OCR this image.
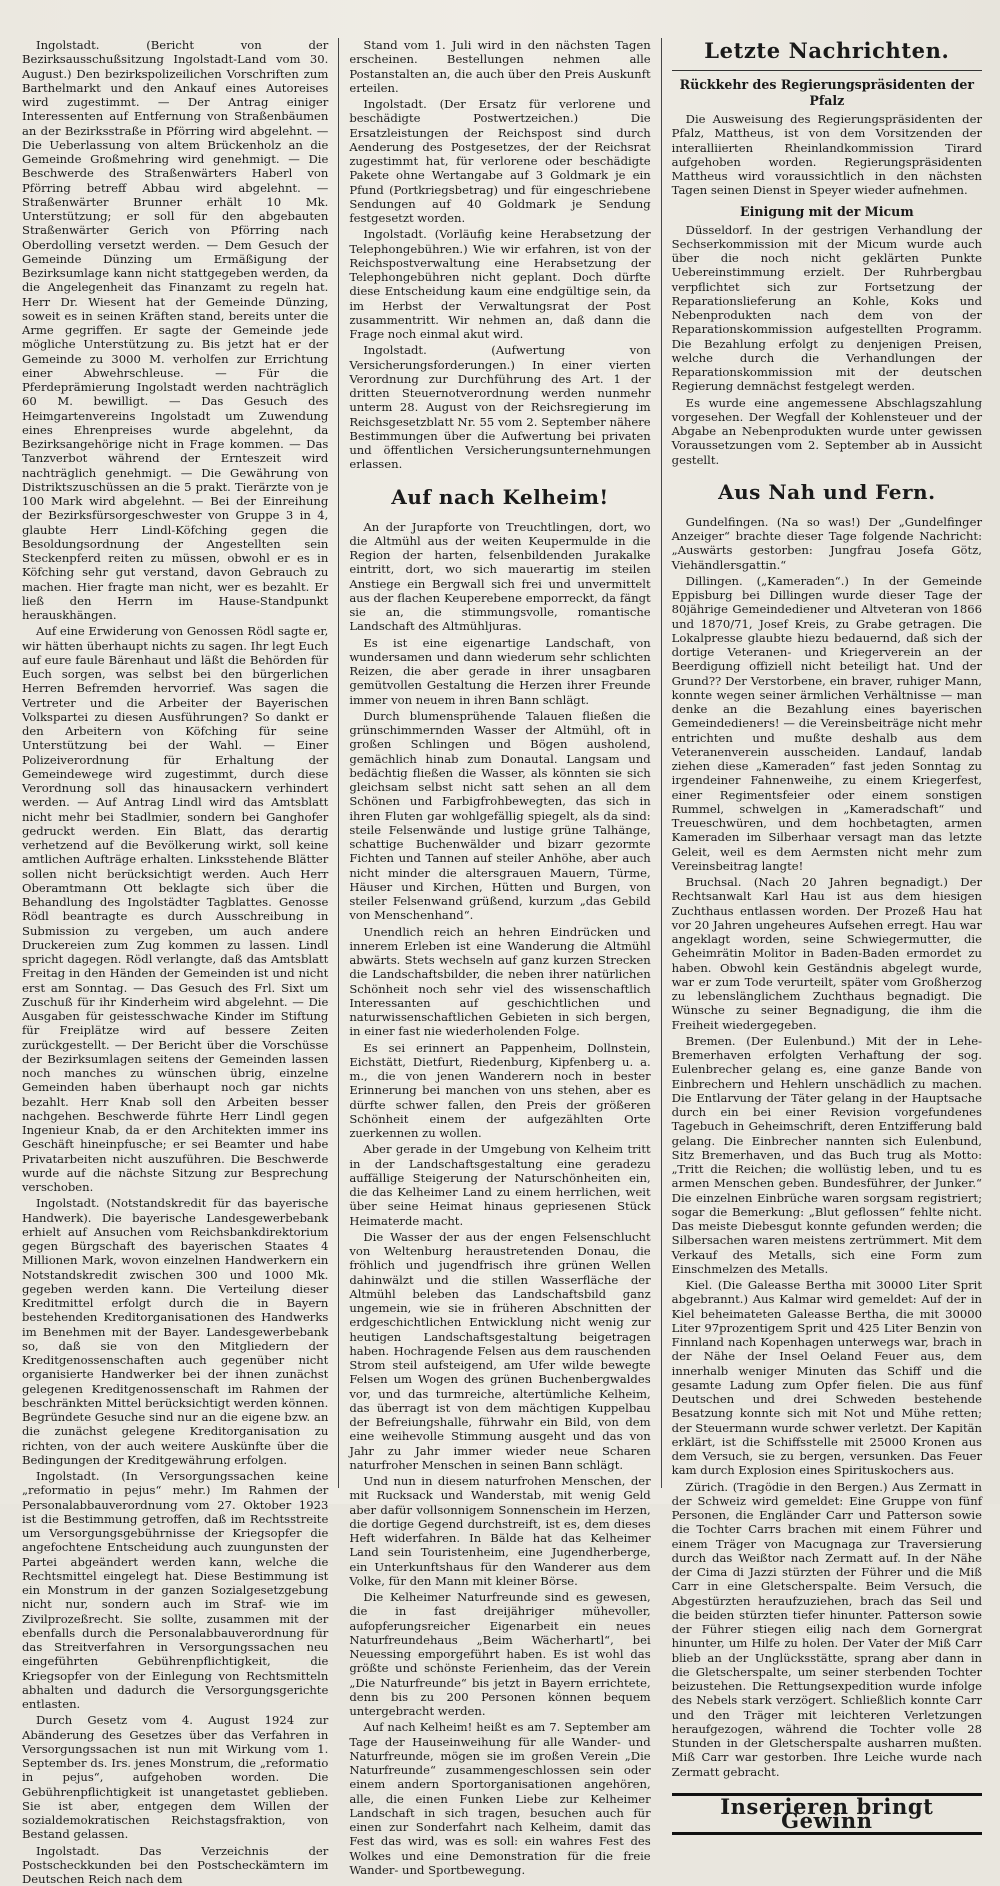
Ingolstadt. (Bericht von der Bezirksausschußsitzung Ingolstadt-Land vom 30. August.) Den bezirkspolizeilichen Vorschriften zum Barthelmarkt und den Ankauf eines Autoreises wird zugestimmt. — Der Antrag einiger Interessenten auf Entfernung von Straßenbäumen an der Bezirksstraße in Pförring wird abgelehnt. — Die Ueberlassung von altem Brückenholz an die Gemeinde Großmehring wird genehmigt. — Die Beschwerde des Straßenwärters Haberl von Pförring betreff Abbau wird abgelehnt. — Straßenwärter Brunner erhält 10 Mk. Unterstützung; er soll für den abgebauten Straßenwärter Gerich von Pförring nach Oberdolling versetzt werden. — Dem Gesuch der Gemeinde Dünzing um Ermäßigung der Bezirksumlage kann nicht stattgegeben werden, da die Angelegenheit das Finanzamt zu regeln hat. Herr Dr. Wiesent hat der Gemeinde Dünzing, soweit es in seinen Kräften stand, bereits unter die Arme gegriffen. Er sagte der Gemeinde jede mögliche Unterstützung zu. Bis jetzt hat er der Gemeinde zu 3000 M. verholfen zur Errichtung einer Abwehrschleuse. — Für die Pferdeprämierung Ingolstadt werden nachträglich 60 M. bewilligt. — Das Gesuch des Heimgartenvereins Ingolstadt um Zuwendung eines Ehrenpreises wurde abgelehnt, da Bezirksangehörige nicht in Frage kommen. — Das Tanzverbot während der Ernteszeit wird nachträglich genehmigt. — Die Gewährung von Distriktszuschüssen an die 5 prakt. Tierärzte von je 100 Mark wird abgelehnt. — Bei der Einreihung der Bezirksfürsorgeschwester von Gruppe 3 in 4, glaubte Herr Lindl-Köfching gegen die Besoldungsordnung der Angestellten sein Steckenpferd reiten zu müssen, obwohl er es in Köfching sehr gut verstand, davon Gebrauch zu machen. Hier fragte man nicht, wer es bezahlt. Er ließ den Herrn im Hause-Standpunkt herauskhängen.

Auf eine Erwiderung von Genossen Rödl sagte er, wir hätten überhaupt nichts zu sagen. Ihr legt Euch auf eure faule Bärenhaut und läßt die Behörden für Euch sorgen, was selbst bei den bürgerlichen Herren Befremden hervorrief. Was sagen die Vertreter und die Arbeiter der Bayerischen Volkspartei zu diesen Ausführungen? So dankt er den Arbeitern von Köfching für seine Unterstützung bei der Wahl. — Einer Polizeiverordnung für Erhaltung der Gemeindewege wird zugestimmt, durch diese Verordnung soll das hinausackern verhindert werden. — Auf Antrag Lindl wird das Amtsblatt nicht mehr bei Stadlmier, sondern bei Ganghofer gedruckt werden. Ein Blatt, das derartig verhetzend auf die Bevölkerung wirkt, soll keine amtlichen Aufträge erhalten. Linksstehende Blätter sollen nicht berücksichtigt werden. Auch Herr Oberamtmann Ott beklagte sich über die Behandlung des Ingolstädter Tagblattes. Genosse Rödl beantragte es durch Ausschreibung in Submission zu vergeben, um auch andere Druckereien zum Zug kommen zu lassen. Lindl spricht dagegen. Rödl verlangte, daß das Amtsblatt Freitag in den Händen der Gemeinden ist und nicht erst am Sonntag. — Das Gesuch des Frl. Sixt um Zuschuß für ihr Kinderheim wird abgelehnt. — Die Ausgaben für geistesschwache Kinder im Stiftung für Freiplätze wird auf bessere Zeiten zurückgestellt. — Der Bericht über die Vorschüsse der Bezirksumlagen seitens der Gemeinden lassen noch manches zu wünschen übrig, einzelne Gemeinden haben überhaupt noch gar nichts bezahlt. Herr Knab soll den Arbeiten besser nachgehen. Beschwerde führte Herr Lindl gegen Ingenieur Knab, da er den Architekten immer ins Geschäft hineinpfusche; er sei Beamter und habe Privatarbeiten nicht auszuführen. Die Beschwerde wurde auf die nächste Sitzung zur Besprechung verschoben.

Ingolstadt. (Notstandskredit für das bayerische Handwerk). Die bayerische Landesgewerbebank erhielt auf Ansuchen vom Reichsbankdirektorium gegen Bürgschaft des bayerischen Staates 4 Millionen Mark, wovon einzelnen Handwerkern ein Notstandskredit zwischen 300 und 1000 Mk. gegeben werden kann. Die Verteilung dieser Kreditmittel erfolgt durch die in Bayern bestehenden Kreditorganisationen des Handwerks im Benehmen mit der Bayer. Landesgewerbebank so, daß sie von den Mitgliedern der Kreditgenossenschaften auch gegenüber nicht organisierte Handwerker bei der ihnen zunächst gelegenen Kreditgenossenschaft im Rahmen der beschränkten Mittel berücksichtigt werden können. Begründete Gesuche sind nur an die eigene bzw. an die zunächst gelegene Kreditorganisation zu richten, von der auch weitere Auskünfte über die Bedingungen der Kreditgewährung erfolgen.

Ingolstadt. (In Versorgungssachen keine „reformatio in pejus“ mehr.) Im Rahmen der Personalabbauverordnung vom 27. Oktober 1923 ist die Bestimmung getroffen, daß im Rechtsstreite um Versorgungsgebührnisse der Kriegsopfer die angefochtene Entscheidung auch zuungunsten der Partei abgeändert werden kann, welche die Rechtsmittel eingelegt hat. Diese Bestimmung ist ein Monstrum in der ganzen Sozialgesetzgebung nicht nur, sondern auch im Straf- wie im Zivilprozeßrecht. Sie sollte, zusammen mit der ebenfalls durch die Personalabbauverordnung für das Streitverfahren in Versorgungssachen neu eingeführten Gebührenpflichtigkeit, die Kriegsopfer von der Einlegung von Rechtsmitteln abhalten und dadurch die Versorgungsgerichte entlasten.

Durch Gesetz vom 4. August 1924 zur Abänderung des Gesetzes über das Verfahren in Versorgungssachen ist nun mit Wirkung vom 1. September ds. Irs. jenes Monstrum, die „reformatio in pejus“, aufgehoben worden. Die Gebührenpflichtigkeit ist unangetastet geblieben. Sie ist aber, entgegen dem Willen der sozialdemokratischen Reichstagsfraktion, von Bestand gelassen.

Ingolstadt. Das Verzeichnis der Postscheckkunden bei den Postscheckämtern im Deutschen Reich nach dem

Stand vom 1. Juli wird in den nächsten Tagen erscheinen. Bestellungen nehmen alle Postanstalten an, die auch über den Preis Auskunft erteilen.

Ingolstadt. (Der Ersatz für verlorene und beschädigte Postwertzeichen.) Die Ersatzleistungen der Reichspost sind durch Aenderung des Postgesetzes, der der Reichsrat zugestimmt hat, für verlorene oder beschädigte Pakete ohne Wertangabe auf 3 Goldmark je ein Pfund (Portkriegsbetrag) und für eingeschriebene Sendungen auf 40 Goldmark je Sendung festgesetzt worden.

Ingolstadt. (Vorläufig keine Herabsetzung der Telephongebühren.) Wie wir erfahren, ist von der Reichspostverwaltung eine Herabsetzung der Telephongebühren nicht geplant. Doch dürfte diese Entscheidung kaum eine endgültige sein, da im Herbst der Verwaltungsrat der Post zusammentritt. Wir nehmen an, daß dann die Frage noch einmal akut wird.

Ingolstadt. (Aufwertung von Versicherungsforderungen.) In einer vierten Verordnung zur Durchführung des Art. 1 der dritten Steuernotverordnung werden nunmehr unterm 28. August von der Reichsregierung im Reichsgesetzblatt Nr. 55 vom 2. September nähere Bestimmungen über die Aufwertung bei privaten und öffentlichen Versicherungsunternehmungen erlassen.

Auf nach Kelheim!

An der Jurapforte von Treuchtlingen, dort, wo die Altmühl aus der weiten Keupermulde in die Region der harten, felsenbildenden Jurakalke eintritt, dort, wo sich mauerartig im steilen Anstiege ein Bergwall sich frei und unvermittelt aus der flachen Keuperebene emporreckt, da fängt sie an, die stimmungsvolle, romantische Landschaft des Altmühljuras.

Es ist eine eigenartige Landschaft, von wundersamen und dann wiederum sehr schlichten Reizen, die aber gerade in ihrer unsagbaren gemütvollen Gestaltung die Herzen ihrer Freunde immer von neuem in ihren Bann schlägt.

Durch blumensprühende Talauen fließen die grünschimmernden Wasser der Altmühl, oft in großen Schlingen und Bögen ausholend, gemächlich hinab zum Donautal. Langsam und bedächtig fließen die Wasser, als könnten sie sich gleichsam selbst nicht satt sehen an all dem Schönen und Farbigfrohbewegten, das sich in ihren Fluten gar wohlgefällig spiegelt, als da sind: steile Felsenwände und lustige grüne Talhänge, schattige Buchenwälder und bizarr gezormte Fichten und Tannen auf steiler Anhöhe, aber auch nicht minder die altersgrauen Mauern, Türme, Häuser und Kirchen, Hütten und Burgen, von steiler Felsenwand grüßend, kurzum „das Gebild von Menschenhand“.

Unendlich reich an hehren Eindrücken und innerem Erleben ist eine Wanderung die Altmühl abwärts. Stets wechseln auf ganz kurzen Strecken die Landschaftsbilder, die neben ihrer natürlichen Schönheit noch sehr viel des wissenschaftlich Interessanten auf geschichtlichen und naturwissenschaftlichen Gebieten in sich bergen, in einer fast nie wiederholenden Folge.

Es sei erinnert an Pappenheim, Dollnstein, Eichstätt, Dietfurt, Riedenburg, Kipfenberg u. a. m., die von jenen Wanderern noch in bester Erinnerung bei manchen von uns stehen, aber es dürfte schwer fallen, den Preis der größeren Schönheit einem der aufgezählten Orte zuerkennen zu wollen.

Aber gerade in der Umgebung von Kelheim tritt in der Landschaftsgestaltung eine geradezu auffällige Steigerung der Naturschönheiten ein, die das Kelheimer Land zu einem herrlichen, weit über seine Heimat hinaus gepriesenen Stück Heimaterde macht.

Die Wasser der aus der engen Felsenschlucht von Weltenburg heraustretenden Donau, die fröhlich und jugendfrisch ihre grünen Wellen dahinwälzt und die stillen Wasserfläche der Altmühl beleben das Landschaftsbild ganz ungemein, wie sie in früheren Abschnitten der erdgeschichtlichen Entwicklung nicht wenig zur heutigen Landschaftsgestaltung beigetragen haben. Hochragende Felsen aus dem rauschenden Strom steil aufsteigend, am Ufer wilde bewegte Felsen um Wogen des grünen Buchenbergwaldes vor, und das turmreiche, altertümliche Kelheim, das überragt ist von dem mächtigen Kuppelbau der Befreiungshalle, führwahr ein Bild, von dem eine weihevolle Stimmung ausgeht und das von Jahr zu Jahr immer wieder neue Scharen naturfroher Menschen in seinen Bann schlägt.

Und nun in diesem naturfrohen Menschen, der mit Rucksack und Wanderstab, mit wenig Geld aber dafür vollsonnigem Sonnenschein im Herzen, die dortige Gegend durchstreift, ist es, dem dieses Heft widerfahren. In Bälde hat das Kelheimer Land sein Touristenheim, eine Jugendherberge, ein Unterkunftshaus für den Wanderer aus dem Volke, für den Mann mit kleiner Börse.

Die Kelheimer Naturfreunde sind es gewesen, die in fast dreijähriger mühevoller, aufopferungsreicher Eigenarbeit ein neues Naturfreundehaus „Beim Wächerhartl“, bei Neuessing emporgeführt haben. Es ist wohl das größte und schönste Ferienheim, das der Verein „Die Naturfreunde“ bis jetzt in Bayern errichtete, denn bis zu 200 Personen können bequem untergebracht werden.

Auf nach Kelheim! heißt es am 7. September am Tage der Hauseinweihung für alle Wander- und Naturfreunde, mögen sie im großen Verein „Die Naturfreunde“ zusammengeschlossen sein oder einem andern Sportorganisationen angehören, alle, die einen Funken Liebe zur Kelheimer Landschaft in sich tragen, besuchen auch für einen zur Sonderfahrt nach Kelheim, damit das Fest das wird, was es soll: ein wahres Fest des Wolkes und eine Demonstration für die freie Wander- und Sportbewegung.

Letzte Nachrichten.
Rückkehr des Regierungspräsidenten der Pfalz

Die Ausweisung des Regierungspräsidenten der Pfalz, Mattheus, ist von dem Vorsitzenden der interalliierten Rheinlandkommission Tirard aufgehoben worden. Regierungspräsidenten Mattheus wird voraussichtlich in den nächsten Tagen seinen Dienst in Speyer wieder aufnehmen.

Einigung mit der Micum

Düsseldorf. In der gestrigen Verhandlung der Sechserkommission mit der Micum wurde auch über die noch nicht geklärten Punkte Uebereinstimmung erzielt. Der Ruhrbergbau verpflichtet sich zur Fortsetzung der Reparationslieferung an Kohle, Koks und Nebenprodukten nach dem von der Reparationskommission aufgestellten Programm. Die Bezahlung erfolgt zu denjenigen Preisen, welche durch die Verhandlungen der Reparationskommission mit der deutschen Regierung demnächst festgelegt werden.

Es wurde eine angemessene Abschlagszahlung vorgesehen. Der Wegfall der Kohlensteuer und der Abgabe an Nebenprodukten wurde unter gewissen Voraussetzungen vom 2. September ab in Aussicht gestellt.

Aus Nah und Fern.

Gundelfingen. (Na so was!) Der „Gundelfinger Anzeiger“ brachte dieser Tage folgende Nachricht: „Auswärts gestorben: Jungfrau Josefa Götz, Viehändlersgattin.“

Dillingen. („Kameraden“.) In der Gemeinde Eppisburg bei Dillingen wurde dieser Tage der 80jährige Gemeindediener und Altveteran von 1866 und 1870/71, Josef Kreis, zu Grabe getragen. Die Lokalpresse glaubte hiezu bedauernd, daß sich der dortige Veteranen- und Kriegerverein an der Beerdigung offiziell nicht beteiligt hat. Und der Grund?? Der Verstorbene, ein braver, ruhiger Mann, konnte wegen seiner ärmlichen Verhältnisse — man denke an die Bezahlung eines bayerischen Gemeindedieners! — die Vereinsbeiträge nicht mehr entrichten und mußte deshalb aus dem Veteranenverein ausscheiden. Landauf, landab ziehen diese „Kameraden“ fast jeden Sonntag zu irgendeiner Fahnenweihe, zu einem Kriegerfest, einer Regimentsfeier oder einem sonstigen Rummel, schwelgen in „Kameradschaft“ und Treueschwüren, und dem hochbetagten, armen Kameraden im Silberhaar versagt man das letzte Geleit, weil es dem Aermsten nicht mehr zum Vereinsbeitrag langte!

Bruchsal. (Nach 20 Jahren begnadigt.) Der Rechtsanwalt Karl Hau ist aus dem hiesigen Zuchthaus entlassen worden. Der Prozeß Hau hat vor 20 Jahren ungeheures Aufsehen erregt. Hau war angeklagt worden, seine Schwiegermutter, die Geheimrätin Molitor in Baden-Baden ermordet zu haben. Obwohl kein Geständnis abgelegt wurde, war er zum Tode verurteilt, später vom Großherzog zu lebenslänglichem Zuchthaus begnadigt. Die Wünsche zu seiner Begnadigung, die ihm die Freiheit wiedergegeben.

Bremen. (Der Eulenbund.) Mit der in Lehe-Bremerhaven erfolgten Verhaftung der sog. Eulenbrecher gelang es, eine ganze Bande von Einbrechern und Hehlern unschädlich zu machen. Die Entlarvung der Täter gelang in der Hauptsache durch ein bei einer Revision vorgefundenes Tagebuch in Geheimschrift, deren Entzifferung bald gelang. Die Einbrecher nannten sich Eulenbund, Sitz Bremerhaven, und das Buch trug als Motto: „Tritt die Reichen; die wollüstig leben, und tu es armen Menschen geben. Bundesführer, der Junker.“ Die einzelnen Einbrüche waren sorgsam registriert; sogar die Bemerkung: „Blut geflossen“ fehlte nicht. Das meiste Diebesgut konnte gefunden werden; die Silbersachen waren meistens zertrümmert. Mit dem Verkauf des Metalls, sich eine Form zum Einschmelzen des Metalls.

Kiel. (Die Galeasse Bertha mit 30000 Liter Sprit abgebrannt.) Aus Kalmar wird gemeldet: Auf der in Kiel beheimateten Galeasse Bertha, die mit 30000 Liter 97prozentigem Sprit und 425 Liter Benzin von Finnland nach Kopenhagen unterwegs war, brach in der Nähe der Insel Oeland Feuer aus, dem innerhalb weniger Minuten das Schiff und die gesamte Ladung zum Opfer fielen. Die aus fünf Deutschen und drei Schweden bestehende Besatzung konnte sich mit Not und Mühe retten; der Steuermann wurde schwer verletzt. Der Kapitän erklärt, ist die Schiffsstelle mit 25000 Kronen aus dem Versuch, sie zu bergen, versunken. Das Feuer kam durch Explosion eines Spirituskochers aus.

Zürich. (Tragödie in den Bergen.) Aus Zermatt in der Schweiz wird gemeldet: Eine Gruppe von fünf Personen, die Engländer Carr und Patterson sowie die Tochter Carrs brachen mit einem Führer und einem Träger von Macugnaga zur Traversierung durch das Weißtor nach Zermatt auf. In der Nähe der Cima di Jazzi stürzten der Führer und die Miß Carr in eine Gletscherspalte. Beim Versuch, die Abgestürzten heraufzuziehen, brach das Seil und die beiden stürzten tiefer hinunter. Patterson sowie der Führer stiegen eilig nach dem Gornergrat hinunter, um Hilfe zu holen. Der Vater der Miß Carr blieb an der Unglücksstätte, sprang aber dann in die Gletscherspalte, um seiner sterbenden Tochter beizustehen. Die Rettungsexpedition wurde infolge des Nebels stark verzögert. Schließlich konnte Carr und den Träger mit leichteren Verletzungen heraufgezogen, während die Tochter volle 28 Stunden in der Gletscherspalte ausharren mußten. Miß Carr war gestorben. Ihre Leiche wurde nach Zermatt gebracht.

Inserieren bringt Gewinn
